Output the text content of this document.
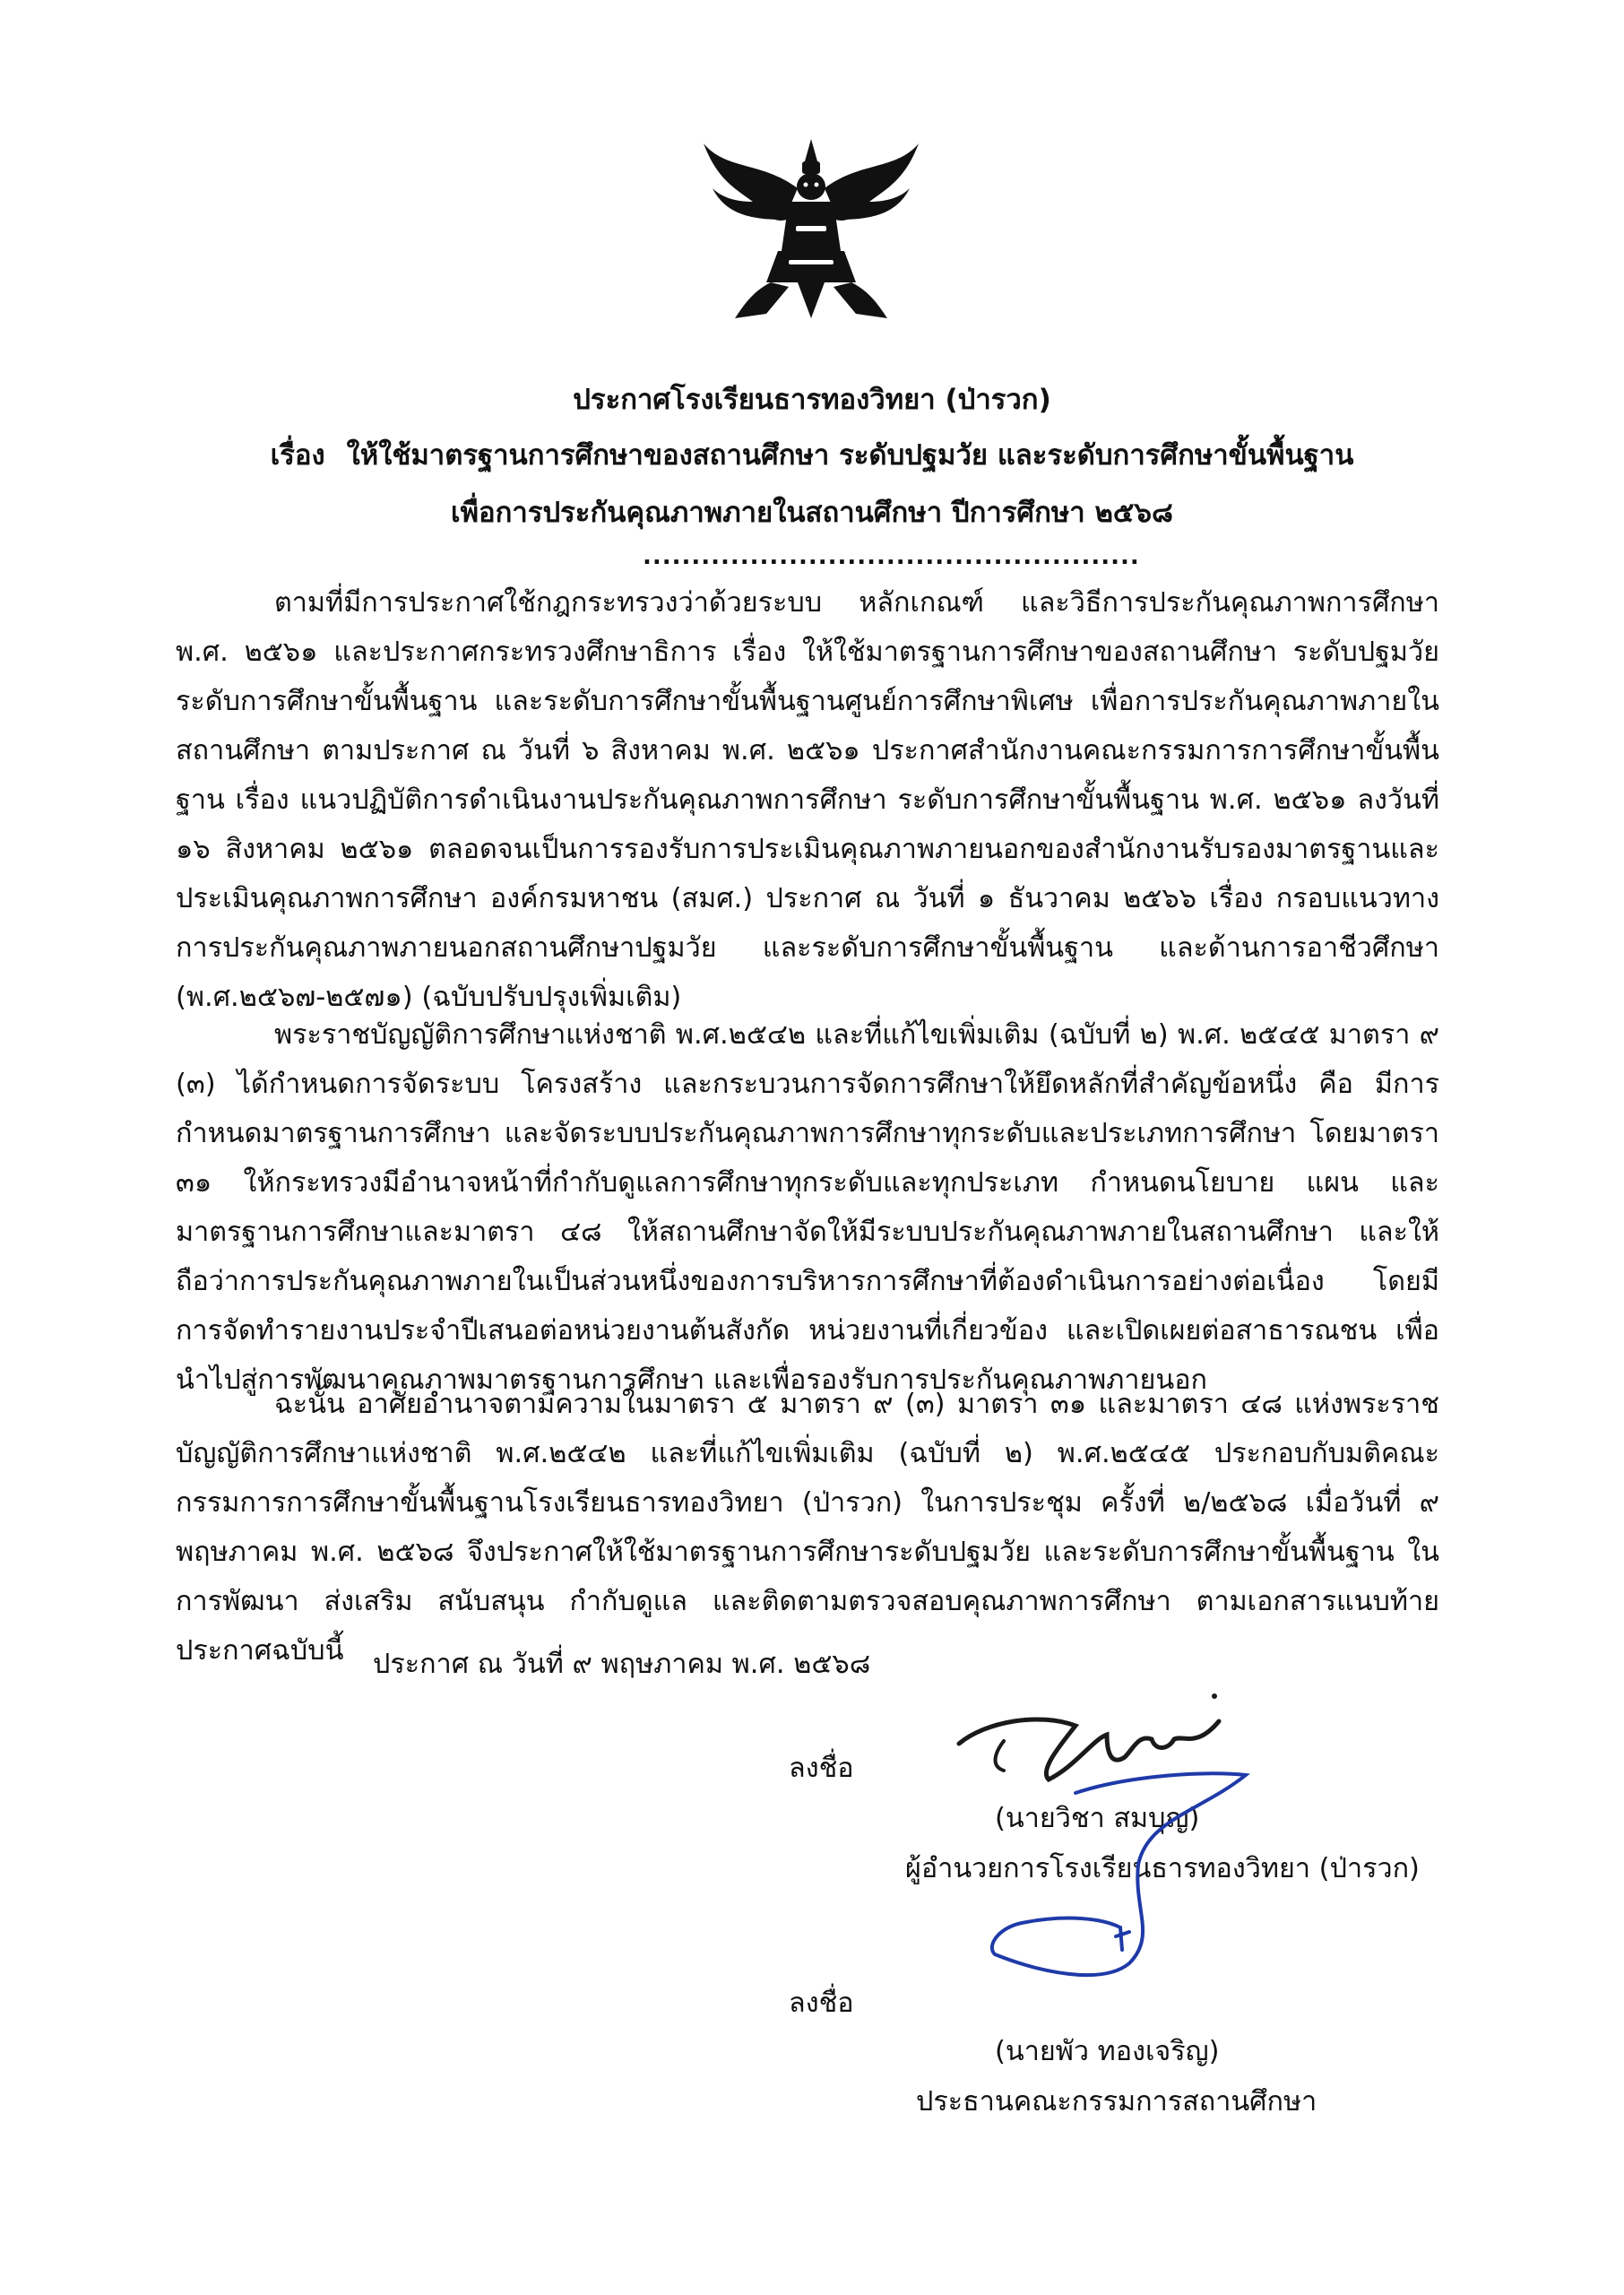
ประกาศโรงเรียนธารทองวิทยา (ป่ารวก)
เรื่อง ให้ใช้มาตรฐานการศึกษาของสถานศึกษา ระดับปฐมวัย และระดับการศึกษาขั้นพื้นฐาน
เพื่อการประกันคุณภาพภายในสถานศึกษา ปีการศึกษา ๒๕๖๘
...................................................

ตามที่มีการประกาศใช้กฎกระทรวงว่าด้วยระบบ หลักเกณฑ์ และวิธีการประกันคุณภาพการศึกษา พ.ศ. ๒๕๖๑ และประกาศกระทรวงศึกษาธิการ เรื่อง ให้ใช้มาตรฐานการศึกษาของสถานศึกษา ระดับปฐมวัย ระดับการศึกษาขั้นพื้นฐาน และระดับการศึกษาขั้นพื้นฐานศูนย์การศึกษาพิเศษ เพื่อการประกันคุณภาพภายในสถานศึกษา ตามประกาศ ณ วันที่ ๖ สิงหาคม พ.ศ. ๒๕๖๑ ประกาศสำนักงานคณะกรรมการการศึกษาขั้นพื้นฐาน เรื่อง แนวปฏิบัติการดำเนินงานประกันคุณภาพการศึกษา ระดับการศึกษาขั้นพื้นฐาน พ.ศ. ๒๕๖๑ ลงวันที่ ๑๖ สิงหาคม ๒๕๖๑ ตลอดจนเป็นการรองรับการประเมินคุณภาพภายนอกของสำนักงานรับรองมาตรฐานและประเมินคุณภาพการศึกษา องค์กรมหาชน (สมศ.) ประกาศ ณ วันที่ ๑ ธันวาคม ๒๕๖๖ เรื่อง กรอบแนวทางการประกันคุณภาพภายนอกสถานศึกษาปฐมวัย และระดับการศึกษาขั้นพื้นฐาน และด้านการอาชีวศึกษา (พ.ศ.๒๕๖๗-๒๕๗๑) (ฉบับปรับปรุงเพิ่มเติม)

พระราชบัญญัติการศึกษาแห่งชาติ พ.ศ.๒๕๔๒ และที่แก้ไขเพิ่มเติม (ฉบับที่ ๒) พ.ศ. ๒๕๔๕ มาตรา ๙ (๓) ได้กำหนดการจัดระบบ โครงสร้าง และกระบวนการจัดการศึกษาให้ยึดหลักที่สำคัญข้อหนึ่ง คือ มีการกำหนดมาตรฐานการศึกษา และจัดระบบประกันคุณภาพการศึกษาทุกระดับและประเภทการศึกษา โดยมาตรา ๓๑ ให้กระทรวงมีอำนาจหน้าที่กำกับดูแลการศึกษาทุกระดับและทุกประเภท กำหนดนโยบาย แผน และมาตรฐานการศึกษาและมาตรา ๔๘ ให้สถานศึกษาจัดให้มีระบบประกันคุณภาพภายในสถานศึกษา และให้ถือว่าการประกันคุณภาพภายในเป็นส่วนหนึ่งของการบริหารการศึกษาที่ต้องดำเนินการอย่างต่อเนื่อง โดยมีการจัดทำรายงานประจำปีเสนอต่อหน่วยงานต้นสังกัด หน่วยงานที่เกี่ยวข้อง และเปิดเผยต่อสาธารณชน เพื่อนำไปสู่การพัฒนาคุณภาพมาตรฐานการศึกษา และเพื่อรองรับการประกันคุณภาพภายนอก

ฉะนั้น อาศัยอำนาจตามความในมาตรา ๕ มาตรา ๙ (๓) มาตรา ๓๑ และมาตรา ๔๘ แห่งพระราชบัญญัติการศึกษาแห่งชาติ พ.ศ.๒๕๔๒ และที่แก้ไขเพิ่มเติม (ฉบับที่ ๒) พ.ศ.๒๕๔๕ ประกอบกับมติคณะกรรมการการศึกษาขั้นพื้นฐานโรงเรียนธารทองวิทยา (ป่ารวก) ในการประชุม ครั้งที่ ๒/๒๕๖๘ เมื่อวันที่ ๙ พฤษภาคม พ.ศ. ๒๕๖๘ จึงประกาศให้ใช้มาตรฐานการศึกษาระดับปฐมวัย และระดับการศึกษาขั้นพื้นฐาน ในการพัฒนา ส่งเสริม สนับสนุน กำกับดูแล และติดตามตรวจสอบคุณภาพการศึกษา ตามเอกสารแนบท้ายประกาศฉบับนี้	ประกาศ ณ วันที่ ๙ พฤษภาคม พ.ศ. ๒๕๖๘
ลงชื่อ
(นายวิชา สมบุญ)
ผู้อำนวยการโรงเรียนธารทองวิทยา (ป่ารวก)
ลงชื่อ
(นายพัว ทองเจริญ)
ประธานคณะกรรมการสถานศึกษา
